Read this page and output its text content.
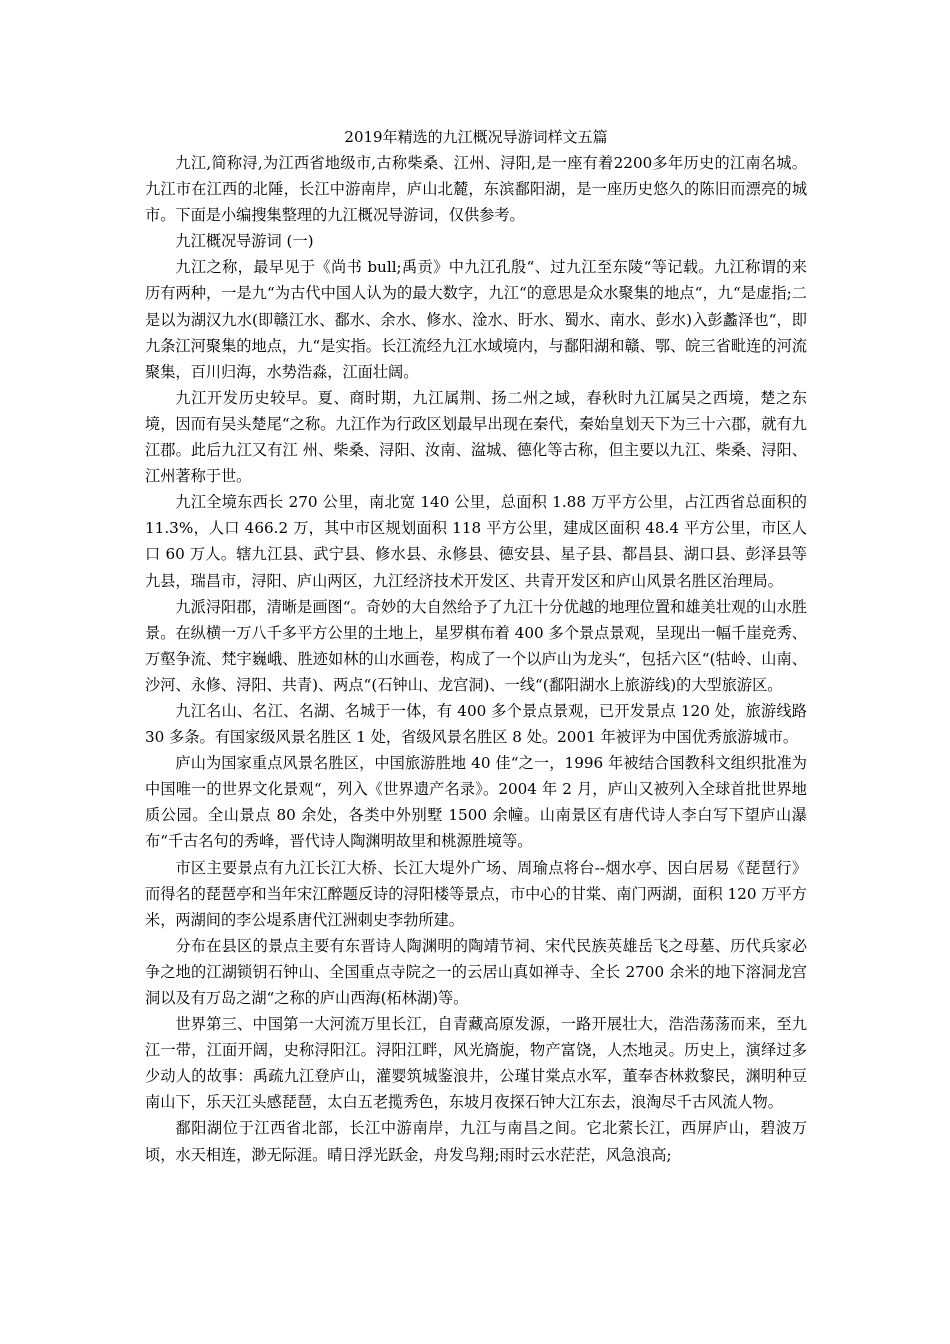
2019年精选的九江概况导游词样文五篇

九江,简称浔,为江西省地级市,古称柴桑、江州、浔阳,是一座有着2200多年历史的江南名城。九江市在江西的北陲，长江中游南岸，庐山北麓，东滨鄱阳湖，是一座历史悠久的陈旧而漂亮的城市。下面是小编搜集整理的九江概况导游词，仅供参考。

九江概况导游词 (一)

九江之称，最早见于《尚书 bull;禹贡》中九江孔殷“、过九江至东陵“等记载。九江称谓的来历有两种，一是九“为古代中国人认为的最大数字，九江“的意思是众水聚集的地点“，九“是虚指;二是以为湖汉九水(即赣江水、鄱水、余水、修水、淦水、盱水、蜀水、南水、彭水)入彭蠡泽也“，即九条江河聚集的地点，九“是实指。长江流经九江水域境内，与鄱阳湖和赣、鄂、皖三省毗连的河流聚集，百川归海，水势浩淼，江面壮阔。

九江开发历史较早。夏、商时期，九江属荆、扬二州之域，春秋时九江属吴之西境，楚之东境，因而有吴头楚尾“之称。九江作为行政区划最早出现在秦代，秦始皇划天下为三十六郡，就有九江郡。此后九江又有江 州、柴桑、浔阳、汝南、湓城、德化等古称，但主要以九江、柴桑、浔阳、江州著称于世。

九江全境东西长 270 公里，南北宽 140 公里，总面积 1.88 万平方公里，占江西省总面积的 11.3%，人口 466.2 万，其中市区规划面积 118 平方公里，建成区面积 48.4 平方公里，市区人口 60 万人。辖九江县、武宁县、修水县、永修县、德安县、星子县、都昌县、湖口县、彭泽县等九县，瑞昌市，浔阳、庐山两区，九江经济技术开发区、共青开发区和庐山风景名胜区治理局。

九派浔阳郡，清晰是画图“。奇妙的大自然给予了九江十分优越的地理位置和雄美壮观的山水胜景。在纵横一万八千多平方公里的土地上，星罗棋布着 400 多个景点景观，呈现出一幅千崖竞秀、万壑争流、梵宇巍峨、胜迹如林的山水画卷，构成了一个以庐山为龙头“，包括六区“(牯岭、山南、沙河、永修、浔阳、共青)、两点“(石钟山、龙宫洞)、一线“(鄱阳湖水上旅游线)的大型旅游区。

九江名山、名江、名湖、名城于一体，有 400 多个景点景观，已开发景点 120 处，旅游线路 30 多条。有国家级风景名胜区 1 处，省级风景名胜区 8 处。2001 年被评为中国优秀旅游城市。

庐山为国家重点风景名胜区，中国旅游胜地 40 佳“之一，1996 年被结合国教科文组织批准为中国唯一的世界文化景观“，列入《世界遗产名录》。2004 年 2 月，庐山又被列入全球首批世界地质公园。全山景点 80 余处，各类中外别墅 1500 余幢。山南景区有唐代诗人李白写下望庐山瀑布“千古名句的秀峰，晋代诗人陶渊明故里和桃源胜境等。

市区主要景点有九江长江大桥、长江大堤外广场、周瑜点将台--烟水亭、因白居易《琵琶行》而得名的琵琶亭和当年宋江醉题反诗的浔阳楼等景点，市中心的甘棠、南门两湖，面积 120 万平方米，两湖间的李公堤系唐代江洲刺史李勃所建。

分布在县区的景点主要有东晋诗人陶渊明的陶靖节祠、宋代民族英雄岳飞之母墓、历代兵家必争之地的江湖锁钥石钟山、全国重点寺院之一的云居山真如禅寺、全长 2700 余米的地下溶洞龙宫洞以及有万岛之湖“之称的庐山西海(柘林湖)等。

世界第三、中国第一大河流万里长江，自青藏高原发源，一路开展壮大，浩浩荡荡而来，至九江一带，江面开阔，史称浔阳江。浔阳江畔，风光旖旎，物产富饶，人杰地灵。历史上，演绎过多少动人的故事：禹疏九江登庐山，灌婴筑城鉴浪井，公瑾甘棠点水军，董奉杏林救黎民，渊明种豆南山下，乐天江头感琵琶，太白五老揽秀色，东坡月夜探石钟大江东去，浪淘尽千古风流人物。

鄱阳湖位于江西省北部，长江中游南岸，九江与南昌之间。它北萦长江，西屏庐山，碧波万顷，水天相连，渺无际涯。晴日浮光跃金，舟发鸟翔;雨时云水茫茫，风急浪高;
